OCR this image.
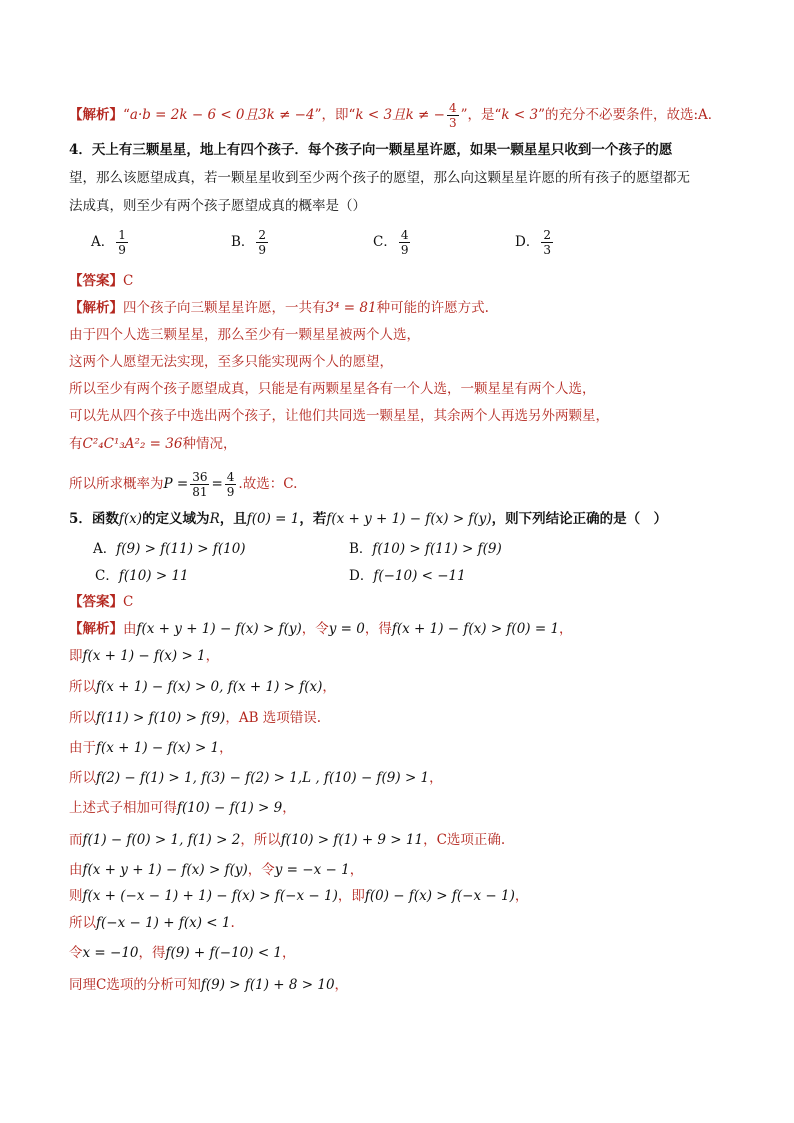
【解析】“a·b = 2k − 6 < 0且3k ≠ −4”，即“k < 3且k ≠ − $\frac{4}{3}$ ”，是“k < 3”的充分不必要条件，故选:A．
4．天上有三颗星星，地上有四个孩子．每个孩子向一颗星星许愿，如果一颗星星只收到一个孩子的愿
望，那么该愿望成真，若一颗星星收到至少两个孩子的愿望，那么向这颗星星许愿的所有孩子的愿望都无
法成真，则至少有两个孩子愿望成真的概率是（）
A． $\frac{1}{9}$	B． $\frac{2}{9}$	C． $\frac{4}{9}$	D． $\frac{2}{3}$
【答案】C
【解析】四个孩子向三颗星星许愿，一共有3⁴ = 81种可能的许愿方式.
由于四个人选三颗星星，那么至少有一颗星星被两个人选，
这两个人愿望无法实现，至多只能实现两个人的愿望，
所以至少有两个孩子愿望成真，只能是有两颗星星各有一个人选，一颗星星有两个人选，
可以先从四个孩子中选出两个孩子，让他们共同选一颗星星，其余两个人再选另外两颗星，
有C²₄C¹₃A²₂ = 36种情况，
所以所求概率为$P = \frac{36}{81} = \frac{4}{9}$ .故选：C.
5．函数f(x)的定义域为R，且f(0) = 1，若f(x + y + 1) − f(x) > f(y)，则下列结论正确的是（　）
A．f(9) > f(11) > f(10)	B．f(10) > f(11) > f(9)
C．f(10) > 11	D．f(−10) < −11
【答案】C
【解析】由f(x + y + 1) − f(x) > f(y)，令y = 0，得f(x + 1) − f(x) > f(0) = 1，
即f(x + 1) − f(x) > 1，
所以f(x + 1) − f(x) > 0, f(x + 1) > f(x)，
所以f(11) > f(10) > f(9)，AB 选项错误.
由于f(x + 1) − f(x) > 1，
所以f(2) − f(1) > 1, f(3) − f(2) > 1,L , f(10) − f(9) > 1，
上述式子相加可得f(10) − f(1) > 9，
而f(1) − f(0) > 1, f(1) > 2，所以f(10) > f(1) + 9 > 11，C选项正确.
由f(x + y + 1) − f(x) > f(y)，令y = −x − 1，
则f(x + (−x − 1) + 1) − f(x) > f(−x − 1)，即f(0) − f(x) > f(−x − 1)，
所以f(−x − 1) + f(x) < 1.
令x = −10，得f(9) + f(−10) < 1，
同理C选项的分析可知f(9) > f(1) + 8 > 10，
